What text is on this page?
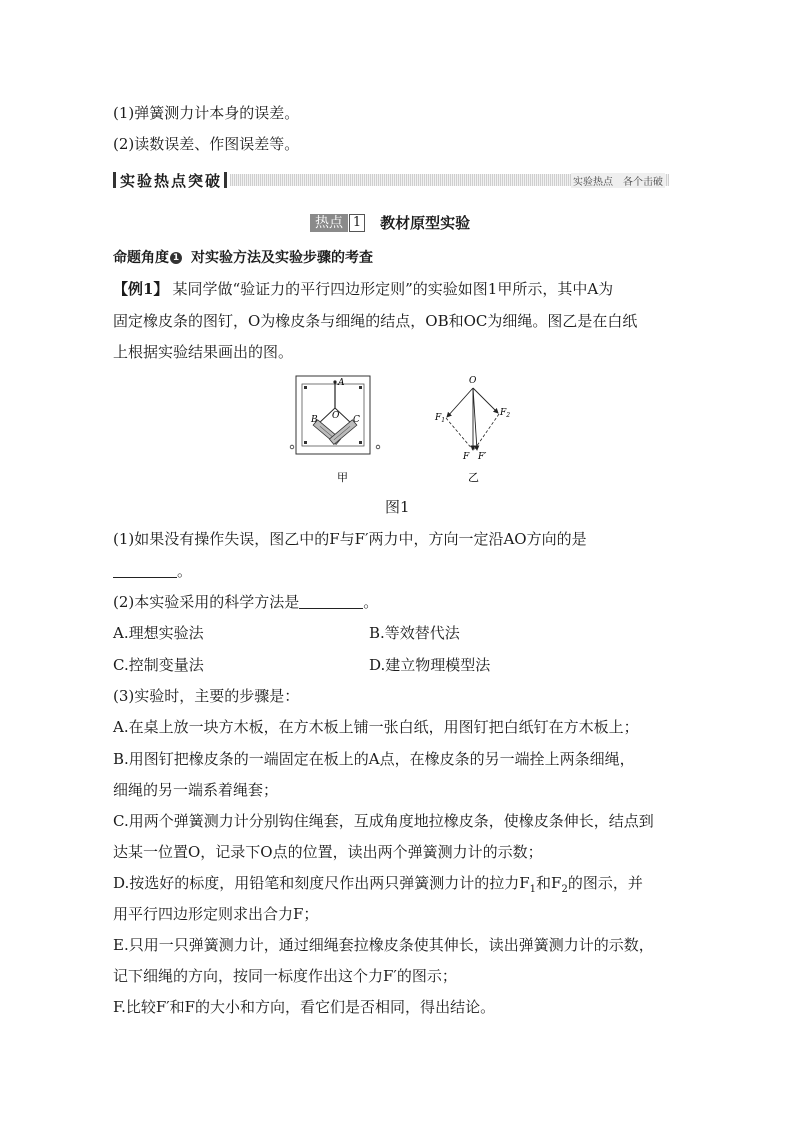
(1)弹簧测力计本身的误差。
(2)读数误差、作图误差等。
实验热点突破	实验热点　各个击破
热点 1 教材原型实验
命题角度 1 对实验方法及实验步骤的考查
【例1】 某同学做“验证力的平行四边形定则”的实验如图1甲所示，其中A为
固定橡皮条的图钉，O为橡皮条与细绳的结点，OB和OC为细绳。图乙是在白纸
上根据实验结果画出的图。
A
B	C
O
甲
O
$F_1$
$F_2$
F F′
乙
图1
(1)如果没有操作失误，图乙中的F与F′两力中，方向一定沿AO方向的是
。
(2)本实验采用的科学方法是	。
A.理想实验法	B.等效替代法
C.控制变量法	D.建立物理模型法
(3)实验时，主要的步骤是：
A.在桌上放一块方木板，在方木板上铺一张白纸，用图钉把白纸钉在方木板上；
B.用图钉把橡皮条的一端固定在板上的A点，在橡皮条的另一端拴上两条细绳，
细绳的另一端系着绳套；
C.用两个弹簧测力计分别钩住绳套，互成角度地拉橡皮条，使橡皮条伸长，结点到
达某一位置O，记录下O点的位置，读出两个弹簧测力计的示数；
D.按选好的标度，用铅笔和刻度尺作出两只弹簧测力计的拉力$F_1$和$F_2$的图示，并
用平行四边形定则求出合力F；
E.只用一只弹簧测力计，通过细绳套拉橡皮条使其伸长，读出弹簧测力计的示数，
记下细绳的方向，按同一标度作出这个力F′的图示；
F.比较F′和F的大小和方向，看它们是否相同，得出结论。
